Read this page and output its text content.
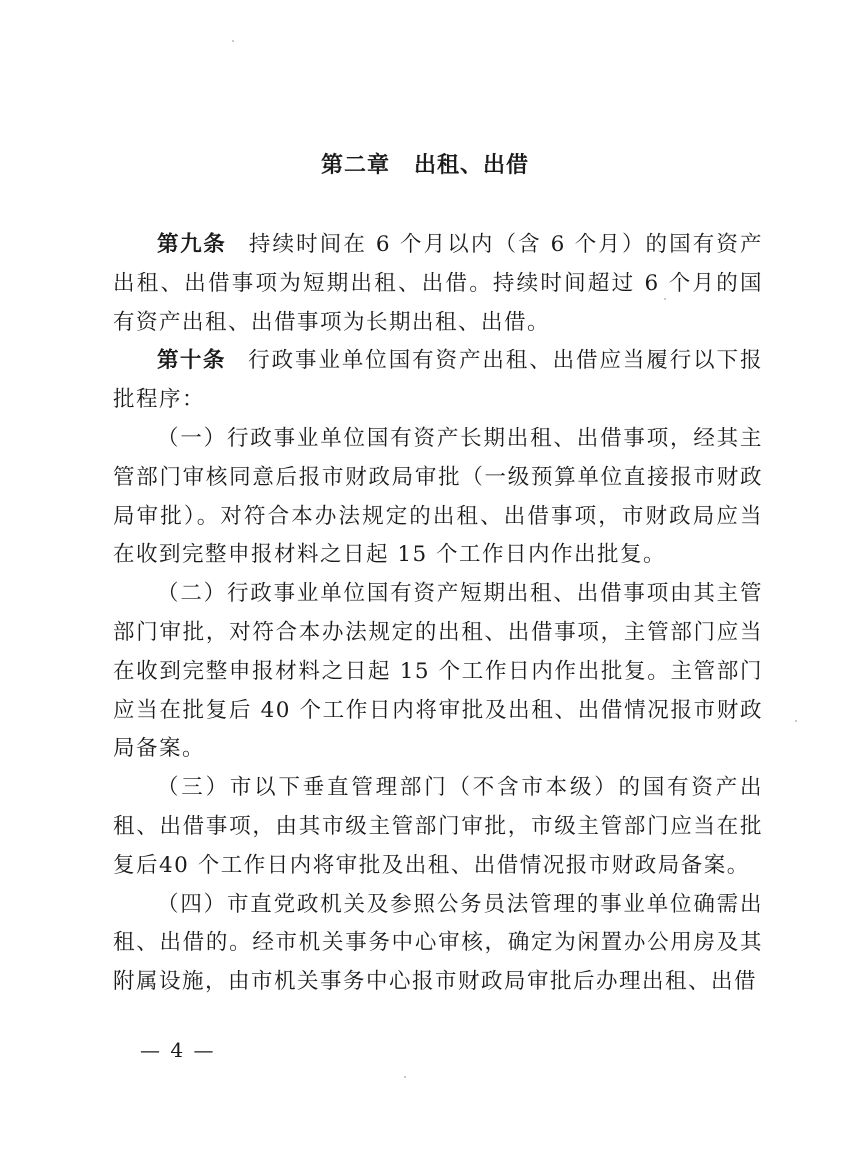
第二章 出租、出借

第九条 持续时间在 6 个月以内（含 6 个月）的国有资产出租、出借事项为短期出租、出借。持续时间超过 6 个月的国有资产出租、出借事项为长期出租、出借。

第十条 行政事业单位国有资产出租、出借应当履行以下报批程序：

（一）行政事业单位国有资产长期出租、出借事项，经其主管部门审核同意后报市财政局审批（一级预算单位直接报市财政局审批）。对符合本办法规定的出租、出借事项，市财政局应当在收到完整申报材料之日起 15 个工作日内作出批复。

（二）行政事业单位国有资产短期出租、出借事项由其主管部门审批，对符合本办法规定的出租、出借事项，主管部门应当在收到完整申报材料之日起 15 个工作日内作出批复。主管部门应当在批复后 40 个工作日内将审批及出租、出借情况报市财政局备案。

（三）市以下垂直管理部门（不含市本级）的国有资产出租、出借事项，由其市级主管部门审批，市级主管部门应当在批复后40 个工作日内将审批及出租、出借情况报市财政局备案。

（四）市直党政机关及参照公务员法管理的事业单位确需出租、出借的。经市机关事务中心审核，确定为闲置办公用房及其附属设施，由市机关事务中心报市财政局审批后办理出租、出借

— 4 —
